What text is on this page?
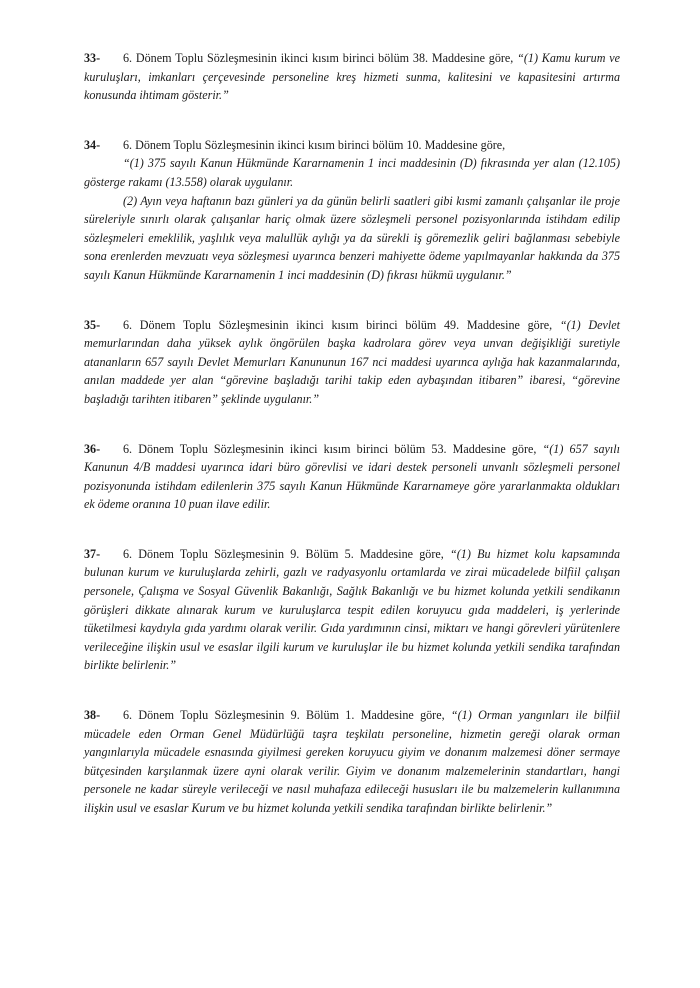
33- 6. Dönem Toplu Sözleşmesinin ikinci kısım birinci bölüm 38. Maddesine göre, “(1) Kamu kurum ve kuruluşları, imkanları çerçevesinde personeline kreş hizmeti sunma, kalitesini ve kapasitesini artırma konusunda ihtimam gösterir.”

34- 6. Dönem Toplu Sözleşmesinin ikinci kısım birinci bölüm 10. Maddesine göre,

“(1) 375 sayılı Kanun Hükmünde Kararnamenin 1 inci maddesinin (D) fıkrasında yer alan (12.105) gösterge rakamı (13.558) olarak uygulanır.

(2) Ayın veya haftanın bazı günleri ya da günün belirli saatleri gibi kısmi zamanlı çalışanlar ile proje süreleriyle sınırlı olarak çalışanlar hariç olmak üzere sözleşmeli personel pozisyonlarında istihdam edilip sözleşmeleri emeklilik, yaşlılık veya malullük aylığı ya da sürekli iş göremezlik geliri bağlanması sebebiyle sona erenlerden mevzuatı veya sözleşmesi uyarınca benzeri mahiyette ödeme yapılmayanlar hakkında da 375 sayılı Kanun Hükmünde Kararnamenin 1 inci maddesinin (D) fıkrası hükmü uygulanır.”

35- 6. Dönem Toplu Sözleşmesinin ikinci kısım birinci bölüm 49. Maddesine göre, “(1) Devlet memurlarından daha yüksek aylık öngörülen başka kadrolara görev veya unvan değişikliği suretiyle atananların 657 sayılı Devlet Memurları Kanununun 167 nci maddesi uyarınca aylığa hak kazanmalarında, anılan maddede yer alan “görevine başladığı tarihi takip eden aybaşından itibaren” ibaresi, “görevine başladığı tarihten itibaren” şeklinde uygulanır.”

36- 6. Dönem Toplu Sözleşmesinin ikinci kısım birinci bölüm 53. Maddesine göre, “(1) 657 sayılı Kanunun 4/B maddesi uyarınca idari büro görevlisi ve idari destek personeli unvanlı sözleşmeli personel pozisyonunda istihdam edilenlerin 375 sayılı Kanun Hükmünde Kararnameye göre yararlanmakta oldukları ek ödeme oranına 10 puan ilave edilir.

37- 6. Dönem Toplu Sözleşmesinin 9. Bölüm 5. Maddesine göre, “(1) Bu hizmet kolu kapsamında bulunan kurum ve kuruluşlarda zehirli, gazlı ve radyasyonlu ortamlarda ve zirai mücadelede bilfiil çalışan personele, Çalışma ve Sosyal Güvenlik Bakanlığı, Sağlık Bakanlığı ve bu hizmet kolunda yetkili sendikanın görüşleri dikkate alınarak kurum ve kuruluşlarca tespit edilen koruyucu gıda maddeleri, iş yerlerinde tüketilmesi kaydıyla gıda yardımı olarak verilir. Gıda yardımının cinsi, miktarı ve hangi görevleri yürütenlere verileceğine ilişkin usul ve esaslar ilgili kurum ve kuruluşlar ile bu hizmet kolunda yetkili sendika tarafından birlikte belirlenir.”

38- 6. Dönem Toplu Sözleşmesinin 9. Bölüm 1. Maddesine göre, “(1) Orman yangınları ile bilfiil mücadele eden Orman Genel Müdürlüğü taşra teşkilatı personeline, hizmetin gereği olarak orman yangınlarıyla mücadele esnasında giyilmesi gereken koruyucu giyim ve donanım malzemesi döner sermaye bütçesinden karşılanmak üzere ayni olarak verilir. Giyim ve donanım malzemelerinin standartları, hangi personele ne kadar süreyle verileceği ve nasıl muhafaza edileceği hususları ile bu malzemelerin kullanımına ilişkin usul ve esaslar Kurum ve bu hizmet kolunda yetkili sendika tarafından birlikte belirlenir.”
